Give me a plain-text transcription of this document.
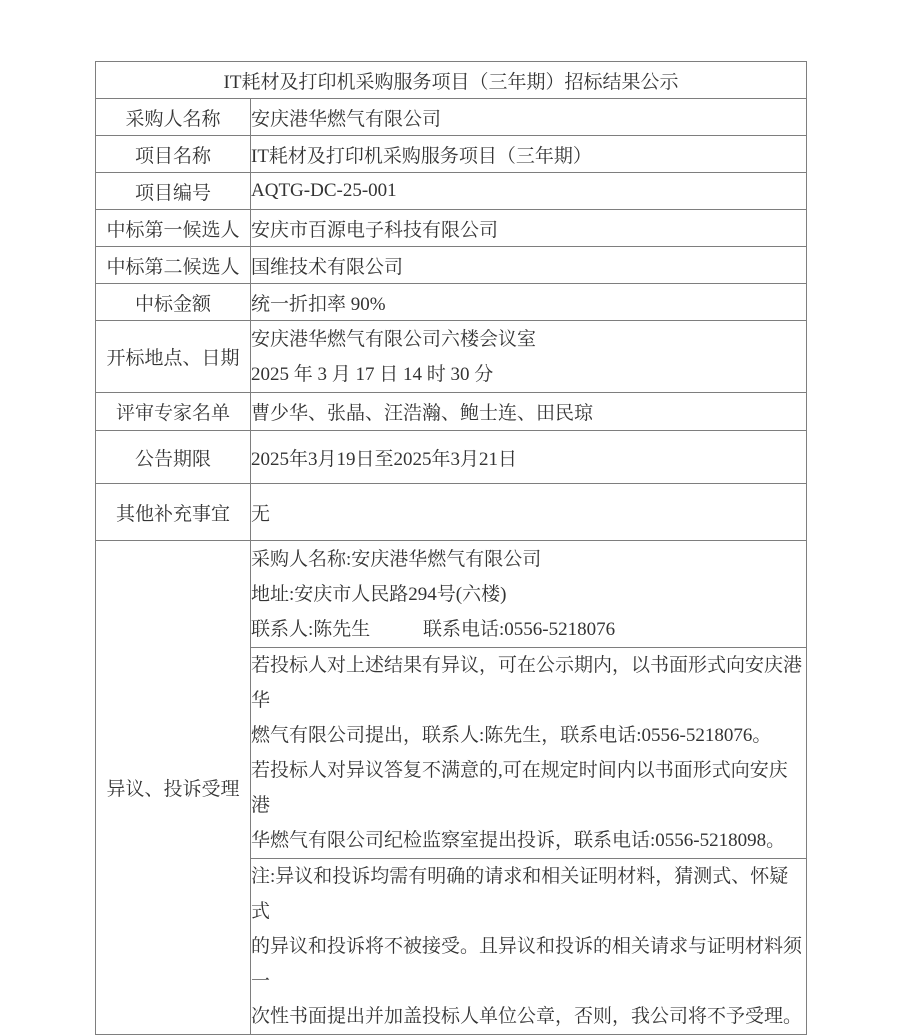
IT耗材及打印机采购服务项目（三年期）招标结果公示	
采购人名称	安庆港华燃气有限公司
项目名称	IT耗材及打印机采购服务项目（三年期）
项目编号	AQTG-DC-25-001
中标第一候选人	安庆市百源电子科技有限公司
中标第二候选人	国维技术有限公司
中标金额	统一折扣率 90%
开标地点、日期	安庆港华燃气有限公司六楼会议室
2025 年 3 月 17 日 14 时 30 分

评审专家名单	曹少华、张晶、汪浩瀚、鲍士连、田民琼
公告期限	2025年3月19日至2025年3月21日
其他补充事宜	无
异议、投诉受理	采购人名称:安庆港华燃气有限公司
地址:安庆市人民路294号(六楼)
联系人:陈先生 联系电话:0556-5218076

	若投标人对上述结果有异议，可在公示期内，以书面形式向安庆港华
燃气有限公司提出，联系人:陈先生，联系电话:0556-5218076。
若投标人对异议答复不满意的,可在规定时间内以书面形式向安庆港
华燃气有限公司纪检监察室提出投诉，联系电话:0556-5218098。

	注:异议和投诉均需有明确的请求和相关证明材料，猜测式、怀疑式
的异议和投诉将不被接受。且异议和投诉的相关请求与证明材料须一
次性书面提出并加盖投标人单位公章，否则，我公司将不予受理。
